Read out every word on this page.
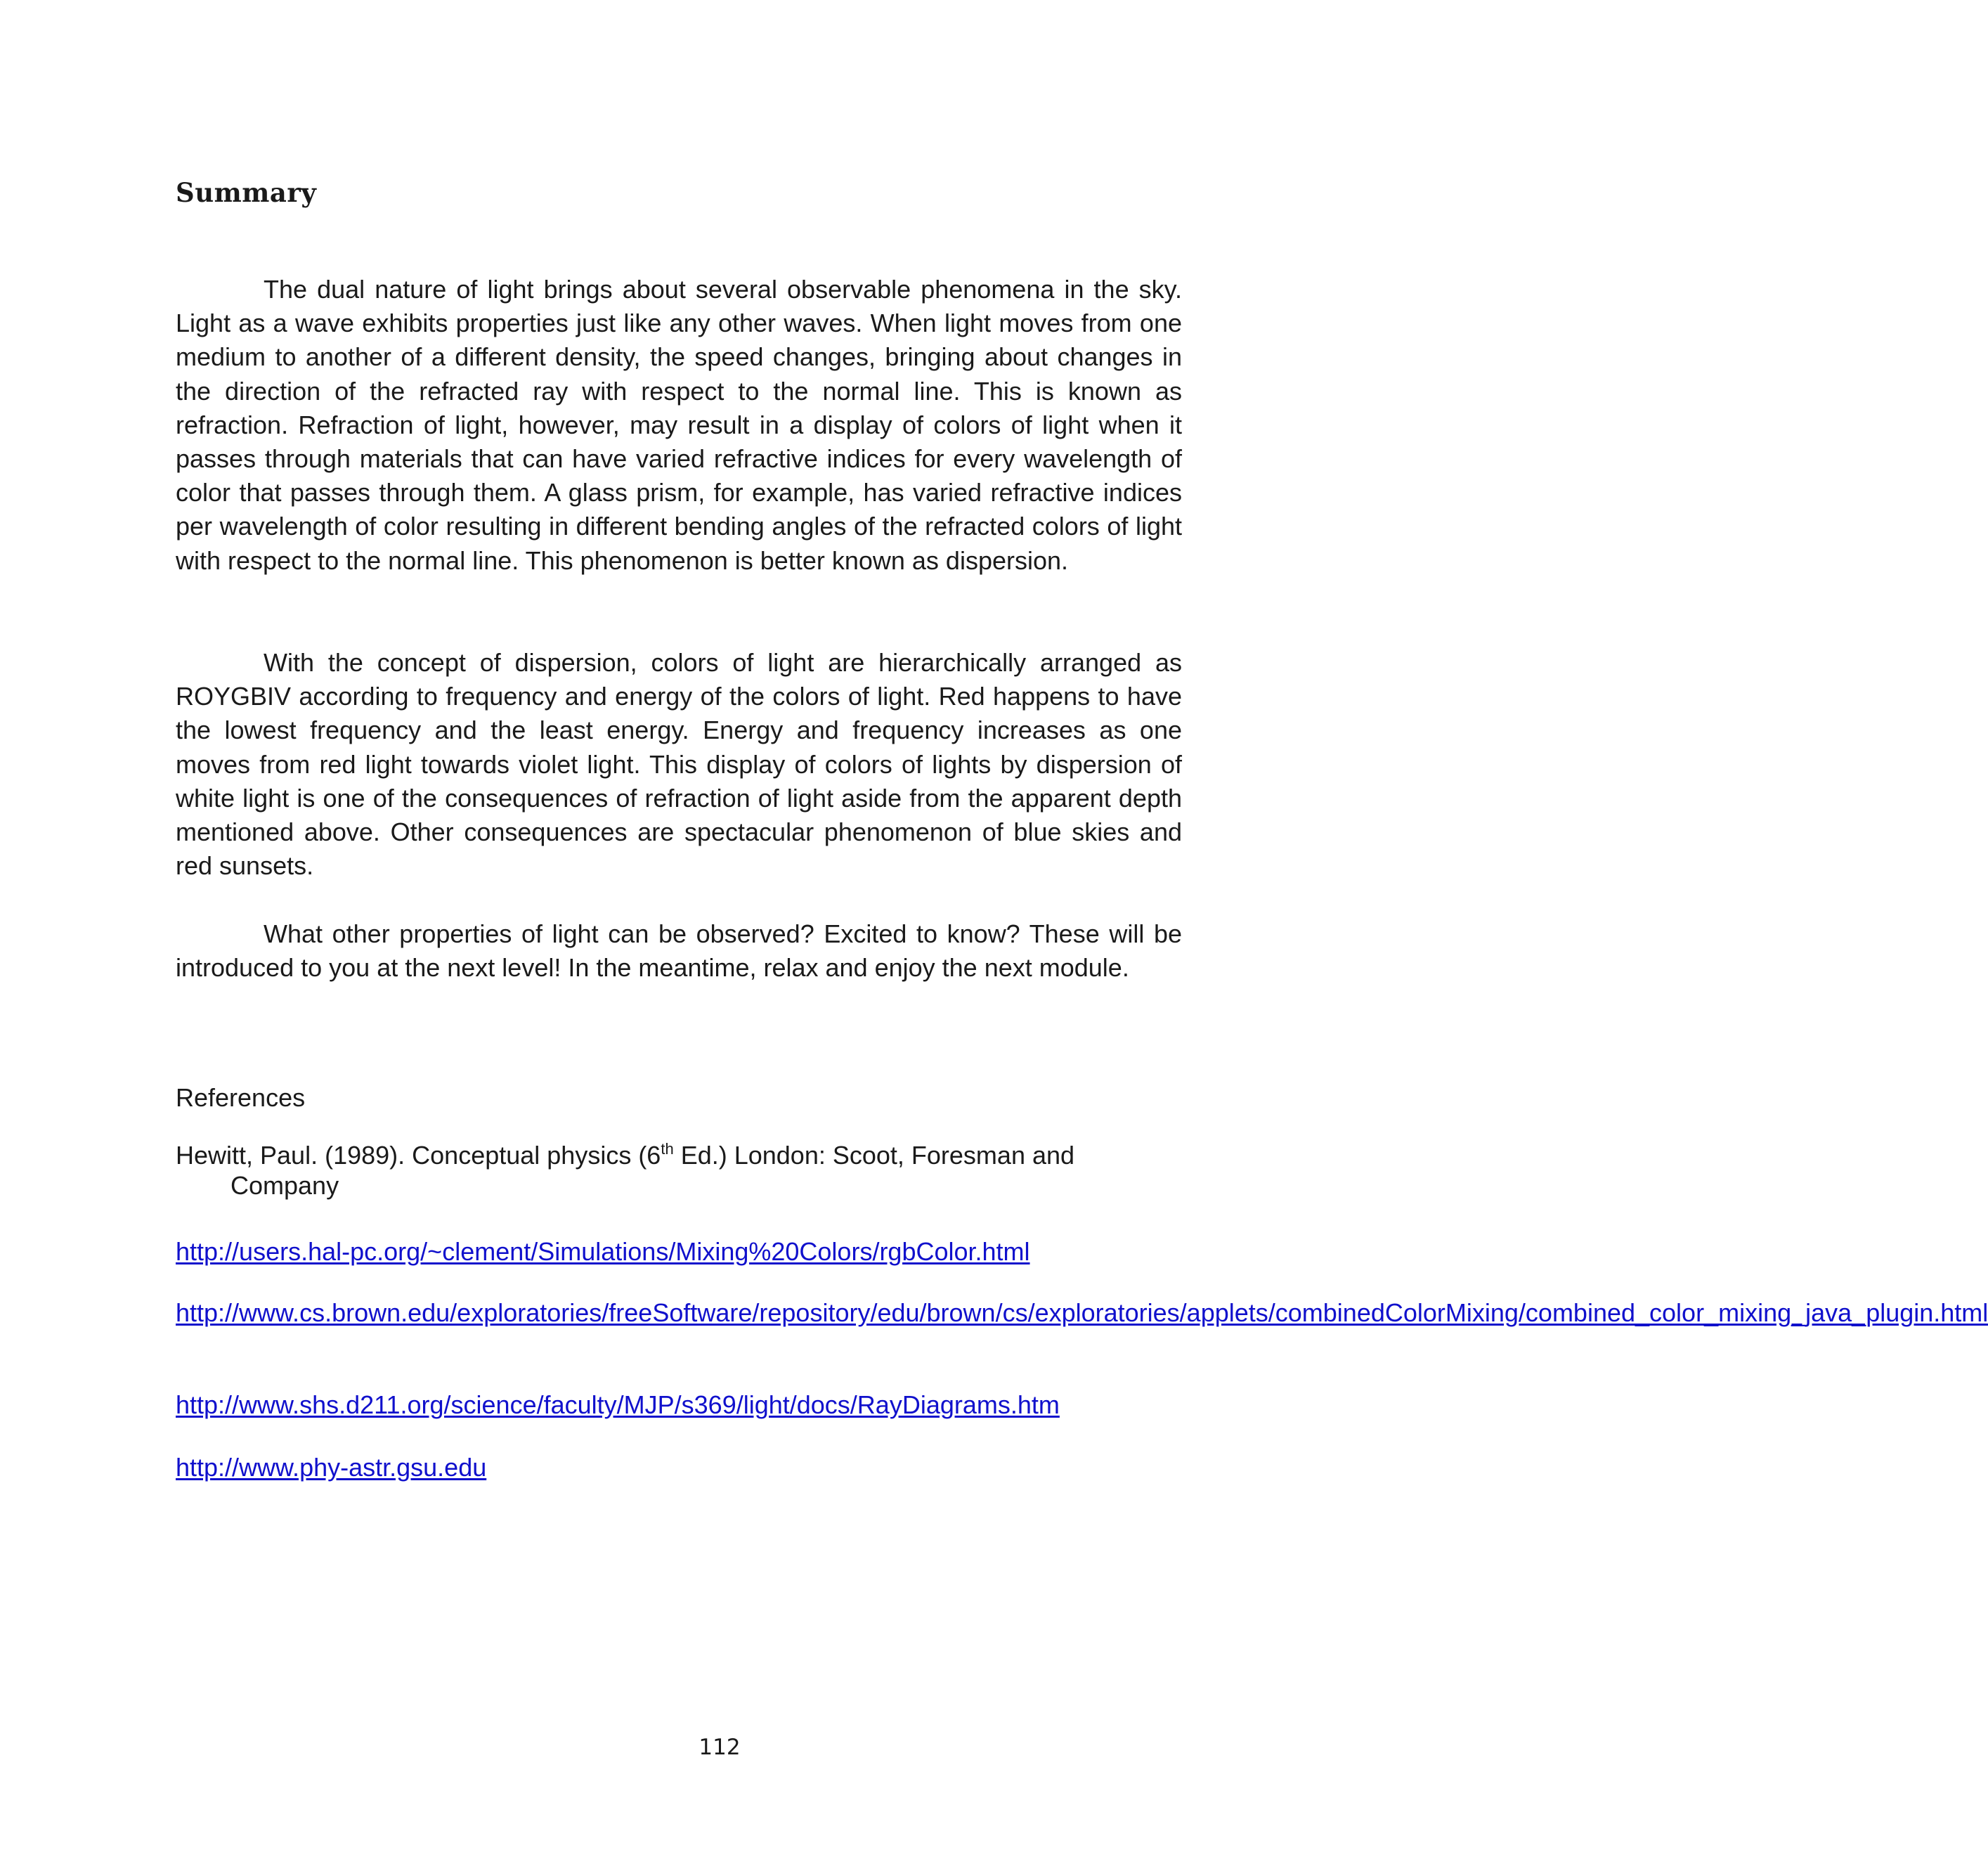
Summary

The dual nature of light brings about several observable phenomena in the sky. Light as a wave exhibits properties just like any other waves. When light moves from one medium to another of a different density, the speed changes, bringing about changes in the direction of the refracted ray with respect to the normal line. This is known as refraction. Refraction of light, however, may result in a display of colors of light when it passes through materials that can have varied refractive indices for every wavelength of color that passes through them. A glass prism, for example, has varied refractive indices per wavelength of color resulting in different bending angles of the refracted colors of light with respect to the normal line. This phenomenon is better known as dispersion.

With the concept of dispersion, colors of light are hierarchically arranged as ROYGBIV according to frequency and energy of the colors of light. Red happens to have the lowest frequency and the least energy. Energy and frequency increases as one moves from red light towards violet light. This display of colors of lights by dispersion of white light is one of the consequences of refraction of light aside from the apparent depth mentioned above. Other consequences are spectacular phenomenon of blue skies and red sunsets.

What other properties of light can be observed? Excited to know? These will be introduced to you at the next level! In the meantime, relax and enjoy the next module.

References

Hewitt, Paul. (1989). Conceptual physics (6th Ed.) London: Scoot, Foresman and Company

http://users.hal-pc.org/~clement/Simulations/Mixing%20Colors/rgbColor.html

http://www.cs.brown.edu/exploratories/freeSoftware/repository/edu/brown/cs/exploratories/applets/combinedColorMixing/combined_color_mixing_java_plugin.html

http://www.shs.d211.org/science/faculty/MJP/s369/light/docs/RayDiagrams.htm

http://www.phy-astr.gsu.edu

112
